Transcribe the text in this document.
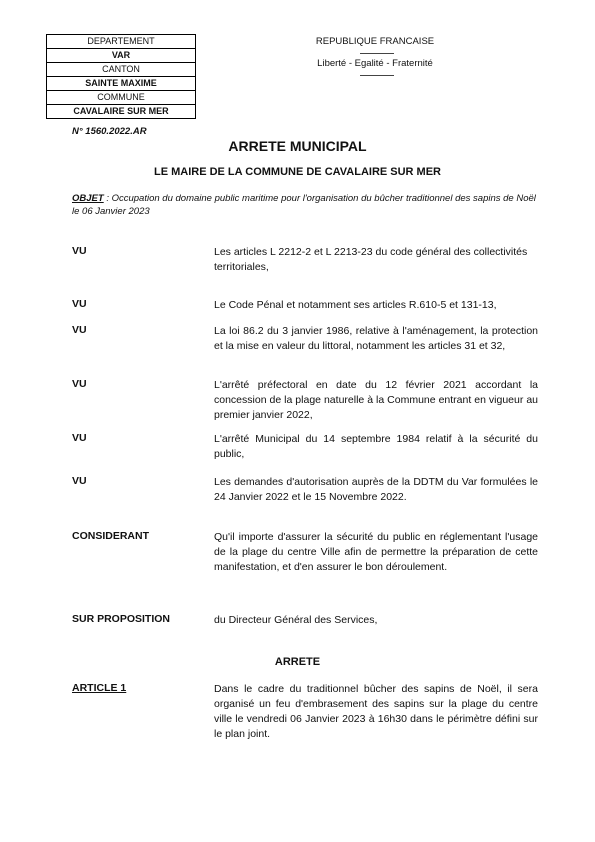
DEPARTEMENT
VAR
CANTON
SAINTE MAXIME
COMMUNE
CAVALAIRE SUR MER
REPUBLIQUE FRANCAISE
Liberté - Egalité - Fraternité
N° 1560.2022.AR
ARRETE MUNICIPAL
LE MAIRE DE LA COMMUNE DE CAVALAIRE SUR MER
OBJET : Occupation du domaine public maritime pour l'organisation du bûcher traditionnel des sapins de Noël le 06 Janvier 2023
VU	Les articles L 2212-2 et L 2213-23 du code général des collectivités territoriales,
VU	Le Code Pénal et notamment ses articles R.610-5 et 131-13,
VU	La loi 86.2 du 3 janvier 1986, relative à l'aménagement, la protection et la mise en valeur du littoral, notamment les articles 31 et 32,
VU	L'arrêté préfectoral en date du 12 février 2021 accordant la concession de la plage naturelle à la Commune entrant en vigueur au premier janvier 2022,
VU	L'arrêté Municipal du 14 septembre 1984 relatif à la sécurité du public,
VU	Les demandes d'autorisation auprès de la DDTM du Var formulées le 24 Janvier 2022 et le 15 Novembre 2022.
CONSIDERANT	Qu'il importe d'assurer la sécurité du public en réglementant l'usage de la plage du centre Ville afin de permettre la préparation de cette manifestation, et d'en assurer le bon déroulement.
SUR PROPOSITION	du Directeur Général des Services,
ARRETE
ARTICLE 1	Dans le cadre du traditionnel bûcher des sapins de Noël, il sera organisé un feu d'embrasement des sapins sur la plage du centre ville le vendredi 06 Janvier 2023 à 16h30 dans le périmètre défini sur le plan joint.
